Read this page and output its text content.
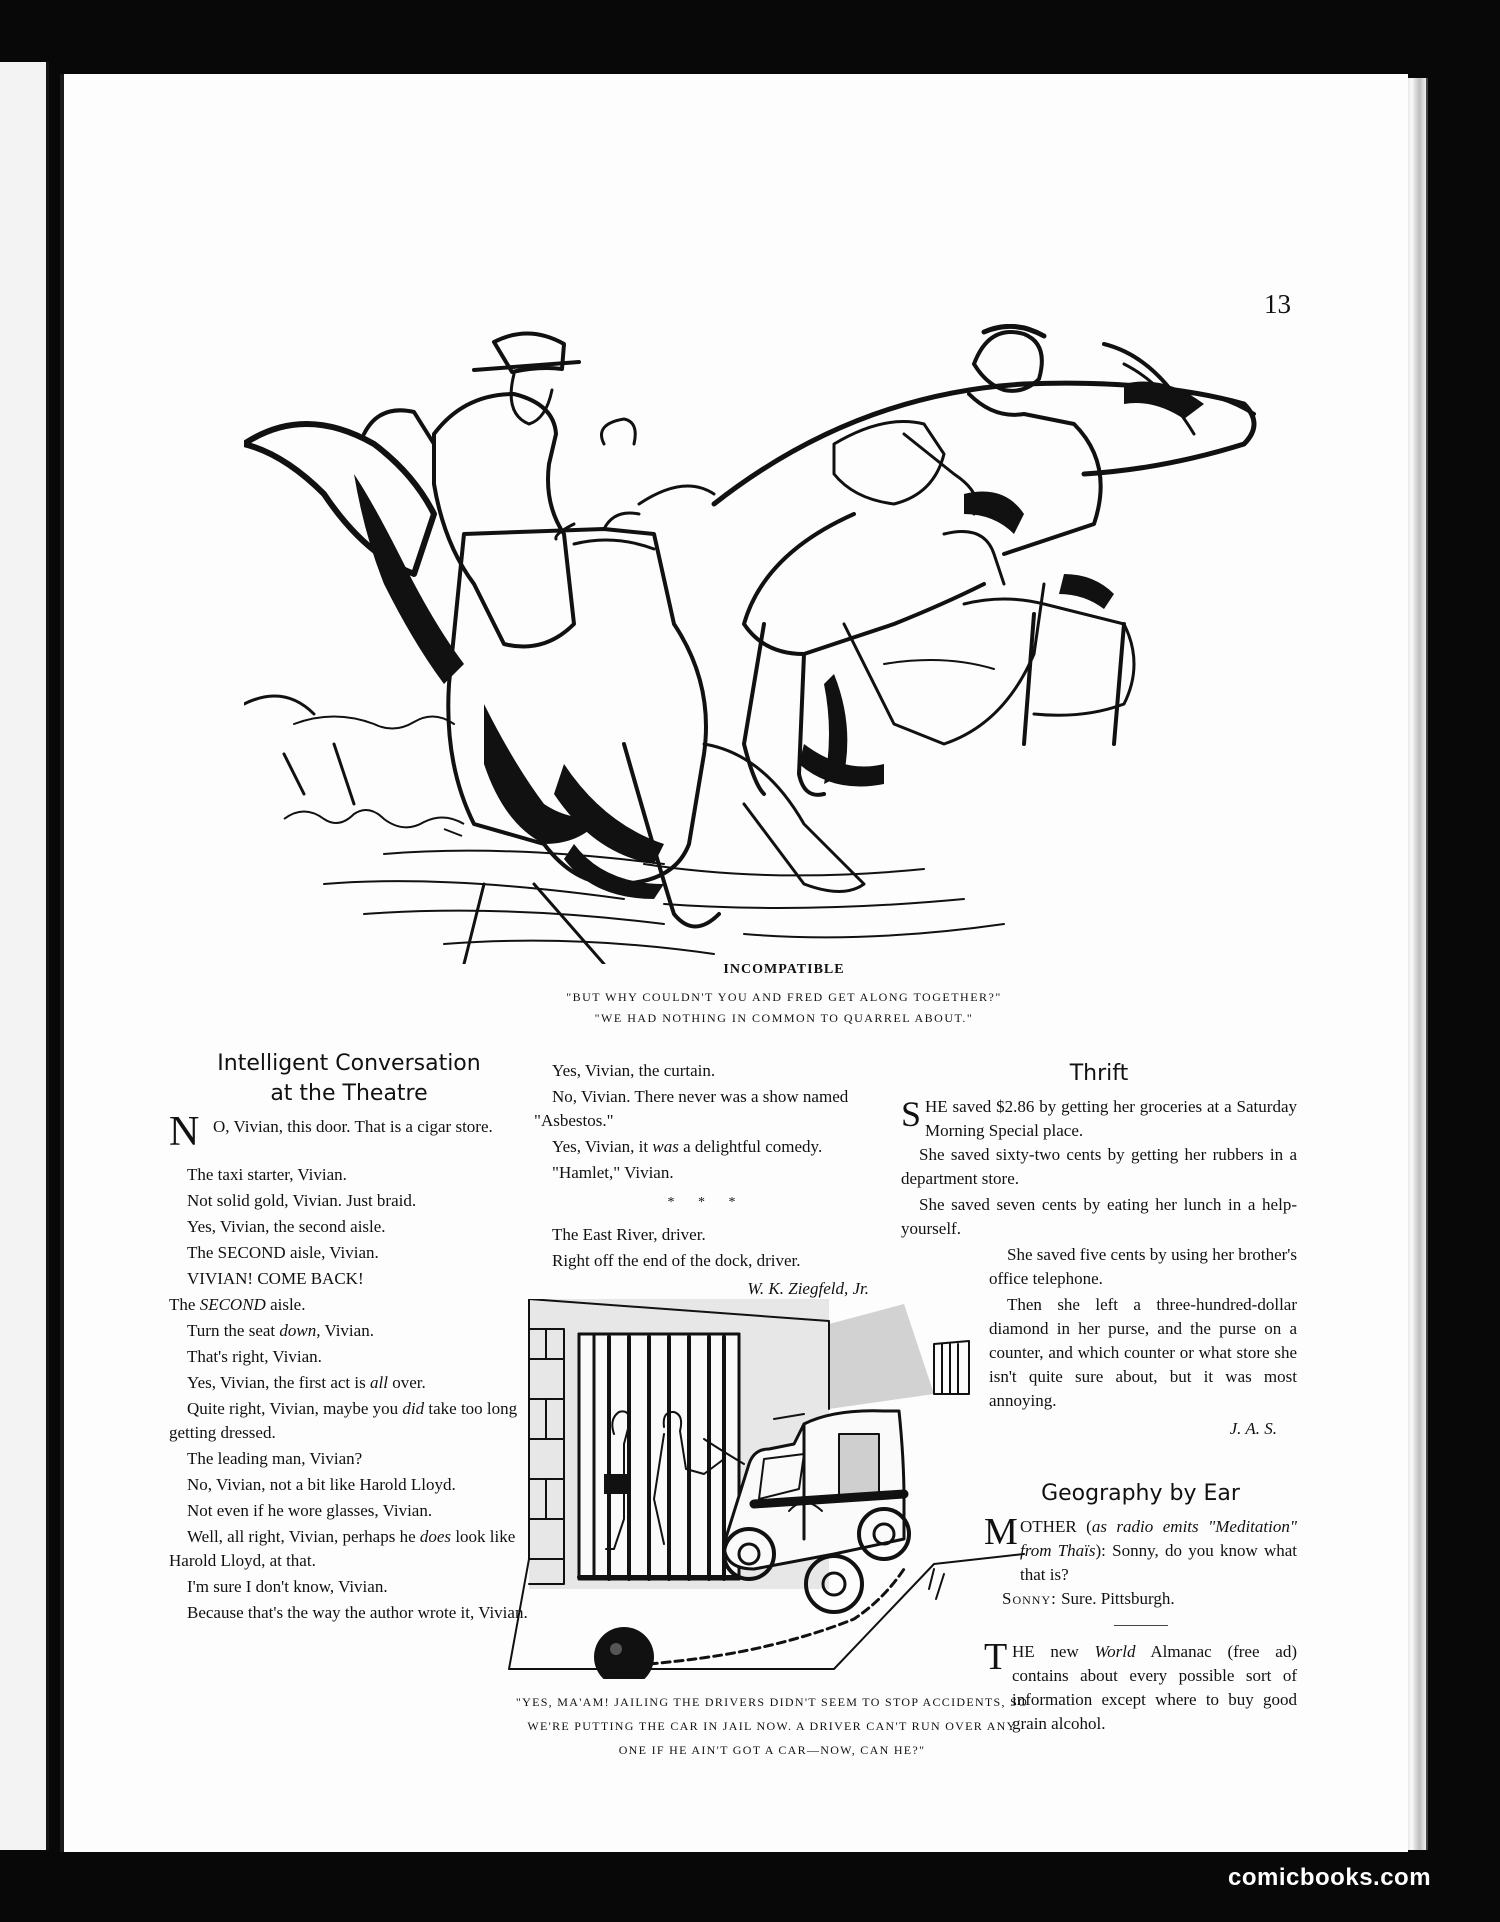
13
INCOMPATIBLE
"BUT WHY COULDN'T YOU AND FRED GET ALONG TOGETHER?"
"WE HAD NOTHING IN COMMON TO QUARREL ABOUT."
Intelligent Conversation
at the Theatre
N O, Vivian, this door. That is a cigar store.

The taxi starter, Vivian.

Not solid gold, Vivian. Just braid.

Yes, Vivian, the second aisle.

The SECOND aisle, Vivian.

VIVIAN! COME BACK!

The SECOND aisle.

Turn the seat down, Vivian.

That's right, Vivian.

Yes, Vivian, the first act is all over.

Quite right, Vivian, maybe you did take too long getting dressed.

The leading man, Vivian?

No, Vivian, not a bit like Harold Lloyd.

Not even if he wore glasses, Vivian.

Well, all right, Vivian, perhaps he does look like Harold Lloyd, at that.

I'm sure I don't know, Vivian.

Because that's the way the author wrote it, Vivian.

Yes, Vivian, the curtain.

No, Vivian. There never was a show named "Asbestos."

Yes, Vivian, it was a delightful comedy.

"Hamlet," Vivian.

* * *

The East River, driver.

Right off the end of the dock, driver.

W. K. Ziegfeld, Jr.
"YES, MA'AM! JAILING THE DRIVERS DIDN'T SEEM TO STOP ACCIDENTS, SO WE'RE PUTTING THE CAR IN JAIL NOW. A DRIVER CAN'T RUN OVER ANY ONE IF HE AIN'T GOT A CAR—NOW, CAN HE?"
Thrift
S HE saved $2.86 by getting her groceries at a Saturday Morning Special place.

She saved sixty-two cents by getting her rubbers in a department store.

She saved seven cents by eating her lunch in a help-yourself.

She saved five cents by using her brother's office telephone.

Then she left a three-hundred-dollar diamond in her purse, and the purse on a counter, and which counter or what store she isn't quite sure about, but it was most annoying.

J. A. S.
Geography by Ear
M OTHER (as radio emits "Meditation" from Thaïs): Sonny, do you know what that is?

Sonny: Sure. Pittsburgh.

T HE new World Almanac (free ad) contains about every possible sort of information except where to buy good grain alcohol.
comicbooks.com
